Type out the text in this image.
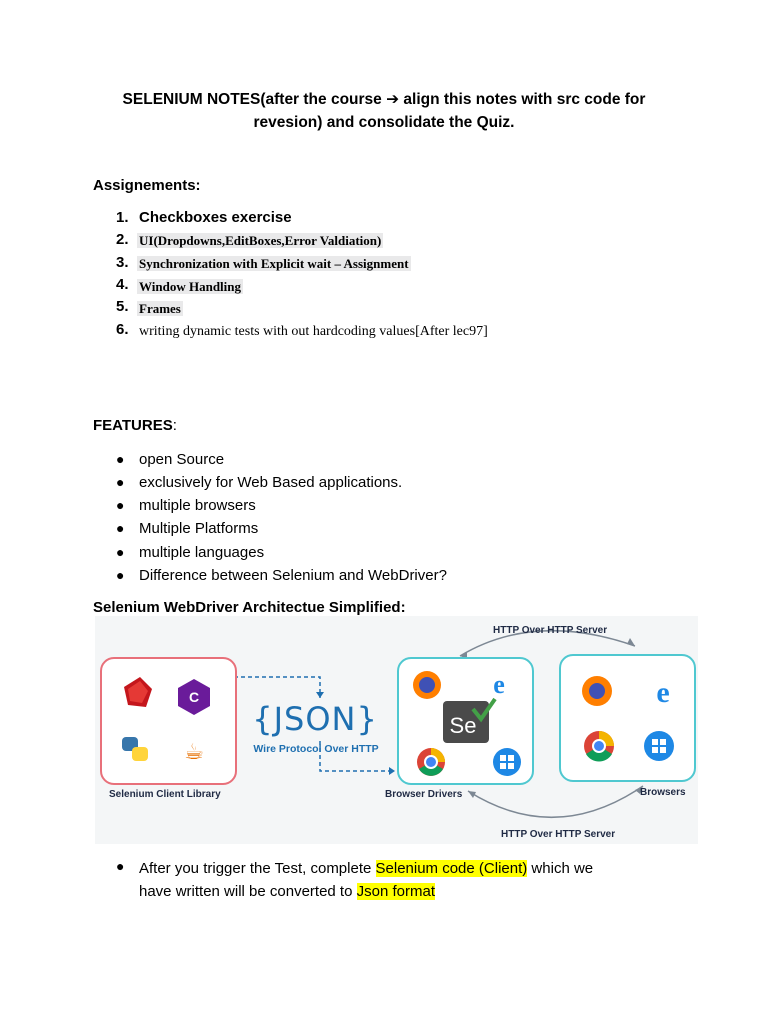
SELENIUM NOTES(after the course ➔ align this notes with src code for
revesion) and consolidate the Quiz.
Assignements:
1. Checkboxes exercise
2. UI(Dropdowns,EditBoxes,Error Valdiation)
3. Synchronization with Explicit wait – Assignment
4. Window Handling
5. Frames
6. writing dynamic tests with out hardcoding values[After lec97]
FEATURES:
● open Source
● exclusively for Web Based applications.
● multiple browsers
● Multiple Platforms
● multiple languages
● Difference between Selenium and WebDriver?
Selenium WebDriver Architectue Simplified:
C
☕
Selenium Client Library
{JSON}
Wire Protocol Over HTTP
e
Se
Browser Drivers
e
Browsers
HTTP Over HTTP Server
HTTP Over HTTP Server
● After you trigger the Test, complete Selenium code (Client) which we
have written will be converted to Json format
